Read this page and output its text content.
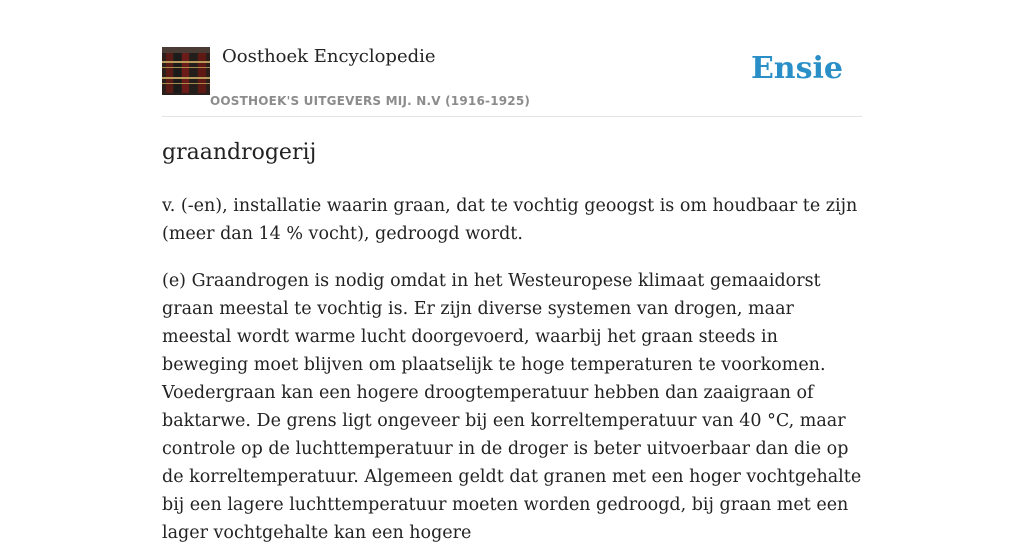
Oosthoek Encyclopedie
OOSTHOEK'S UITGEVERS MIJ. N.V (1916-1925)
Ensie
graandrogerij

v. (-en), installatie waarin graan, dat te vochtig geoogst is om houdbaar te zijn (meer dan 14 % vocht), gedroogd wordt.

(e) Graandrogen is nodig omdat in het Westeuropese klimaat gemaaidorst graan meestal te vochtig is. Er zijn diverse systemen van drogen, maar meestal wordt warme lucht doorgevoerd, waarbij het graan steeds in beweging moet blijven om plaatselijk te hoge temperaturen te voorkomen. Voedergraan kan een hogere droogtemperatuur hebben dan zaaigraan of baktarwe. De grens ligt ongeveer bij een korreltemperatuur van 40 °C, maar controle op de luchttemperatuur in de droger is beter uitvoerbaar dan die op de korreltemperatuur. Algemeen geldt dat granen met een hoger vochtgehalte bij een lagere luchttemperatuur moeten worden gedroogd, bij graan met een lager vochtgehalte kan een hogere
